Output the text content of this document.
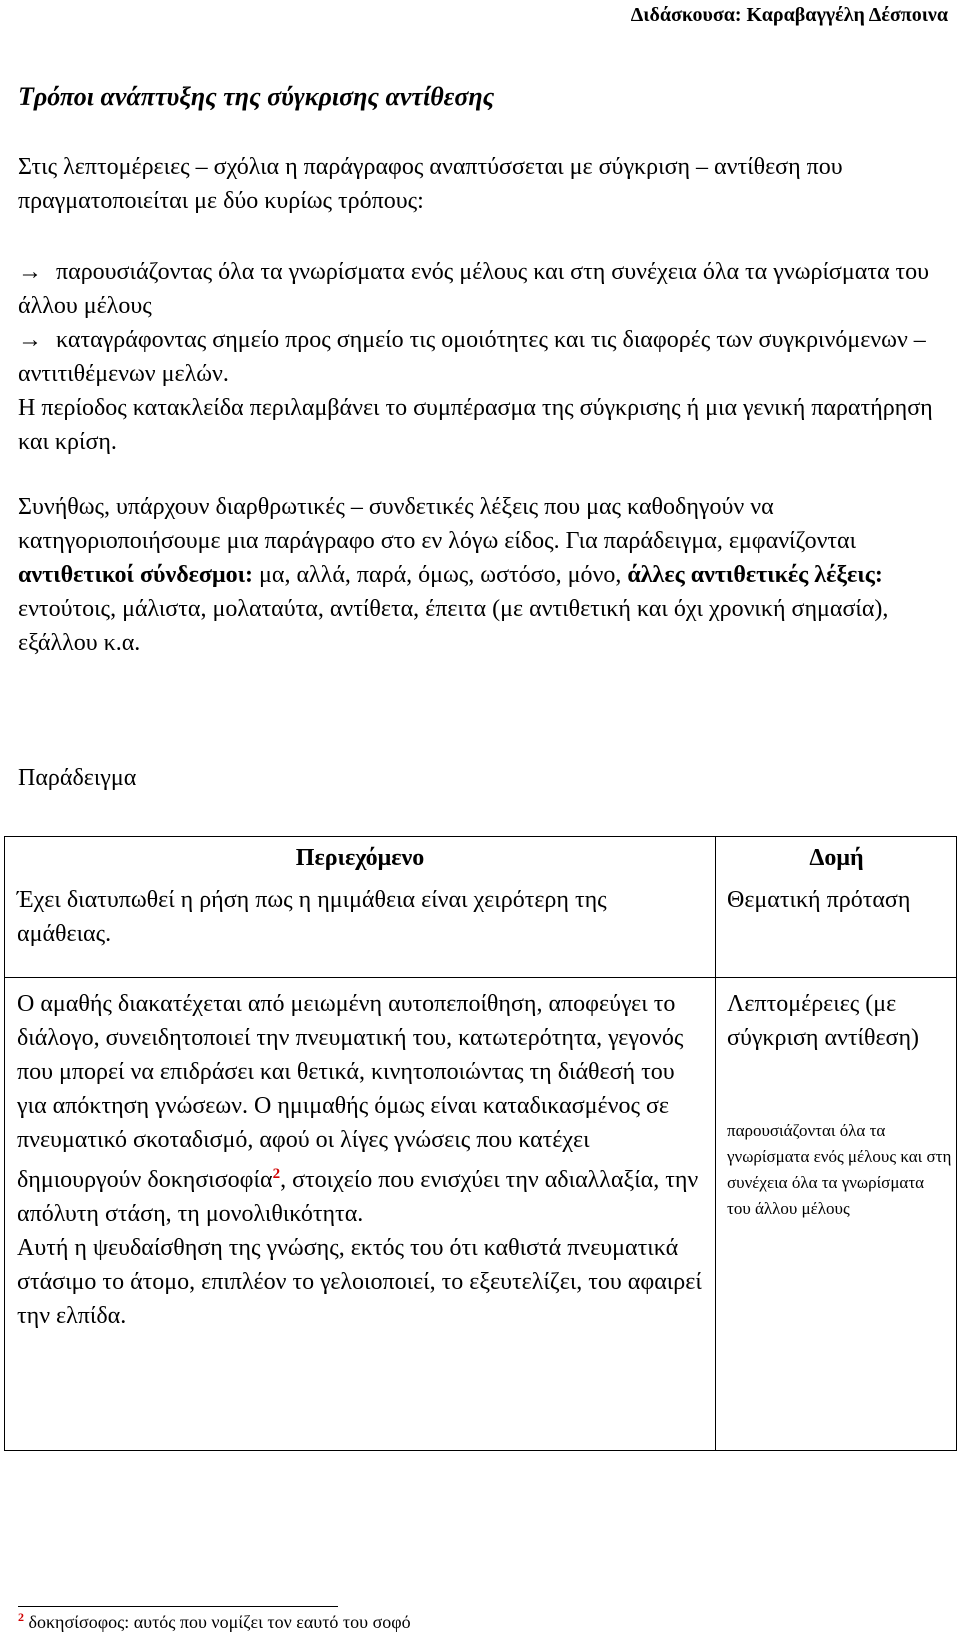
Διδάσκουσα: Καραβαγγέλη Δέσποινα
Τρόποι ανάπτυξης της σύγκρισης αντίθεσης
Στις λεπτομέρειες – σχόλια η παράγραφος αναπτύσσεται με σύγκριση – αντίθεση που πραγματοποιείται με δύο κυρίως τρόπους:
→ παρουσιάζοντας όλα τα γνωρίσματα ενός μέλους και στη συνέχεια όλα τα γνωρίσματα του άλλου μέλους
→ καταγράφοντας σημείο προς σημείο τις ομοιότητες και τις διαφορές των συγκρινόμενων – αντιτιθέμενων μελών.
Η περίοδος κατακλείδα περιλαμβάνει το συμπέρασμα της σύγκρισης ή μια γενική παρατήρηση και κρίση.
Συνήθως, υπάρχουν διαρθρωτικές – συνδετικές λέξεις που μας καθοδηγούν να κατηγοριοποιήσουμε μια παράγραφο στο εν λόγω είδος. Για παράδειγμα, εμφανίζονται αντιθετικοί σύνδεσμοι: μα, αλλά, παρά, όμως, ωστόσο, μόνο, άλλες αντιθετικές λέξεις: εντούτοις, μάλιστα, μολαταύτα, αντίθετα, έπειτα (με αντιθετική και όχι χρονική σημασία), εξάλλου κ.α.
Παράδειγμα
Περιεχόμενο	Δομή
Έχει διατυπωθεί η ρήση πως η ημιμάθεια είναι χειρότερη της αμάθειας.
Θεματική πρόταση
Ο αμαθής διακατέχεται από μειωμένη αυτοπεποίθηση, αποφεύγει το διάλογο, συνειδητοποιεί την πνευματική του, κατωτερότητα, γεγονός που μπορεί να επιδράσει και θετικά, κινητοποιώντας τη διάθεσή του για απόκτηση γνώσεων. Ο ημιμαθής όμως είναι καταδικασμένος σε πνευματικό σκοταδισμό, αφού οι λίγες γνώσεις που κατέχει δημιουργούν δοκησισοφία$^2$, στοιχείο που ενισχύει την αδιαλλαξία, την απόλυτη στάση, τη μονολιθικότητα.
Αυτή η ψευδαίσθηση της γνώσης, εκτός του ότι καθιστά πνευματικά στάσιμο το άτομο, επιπλέον το γελοιοποιεί, το εξευτελίζει, του αφαιρεί την ελπίδα.
Λεπτομέρειες (με σύγκριση αντίθεση)
παρουσιάζονται όλα τα γνωρίσματα ενός μέλους και στη συνέχεια όλα τα γνωρίσματα του άλλου μέλους
$^2$ δοκησίσοφος: αυτός που νομίζει τον εαυτό του σοφό
